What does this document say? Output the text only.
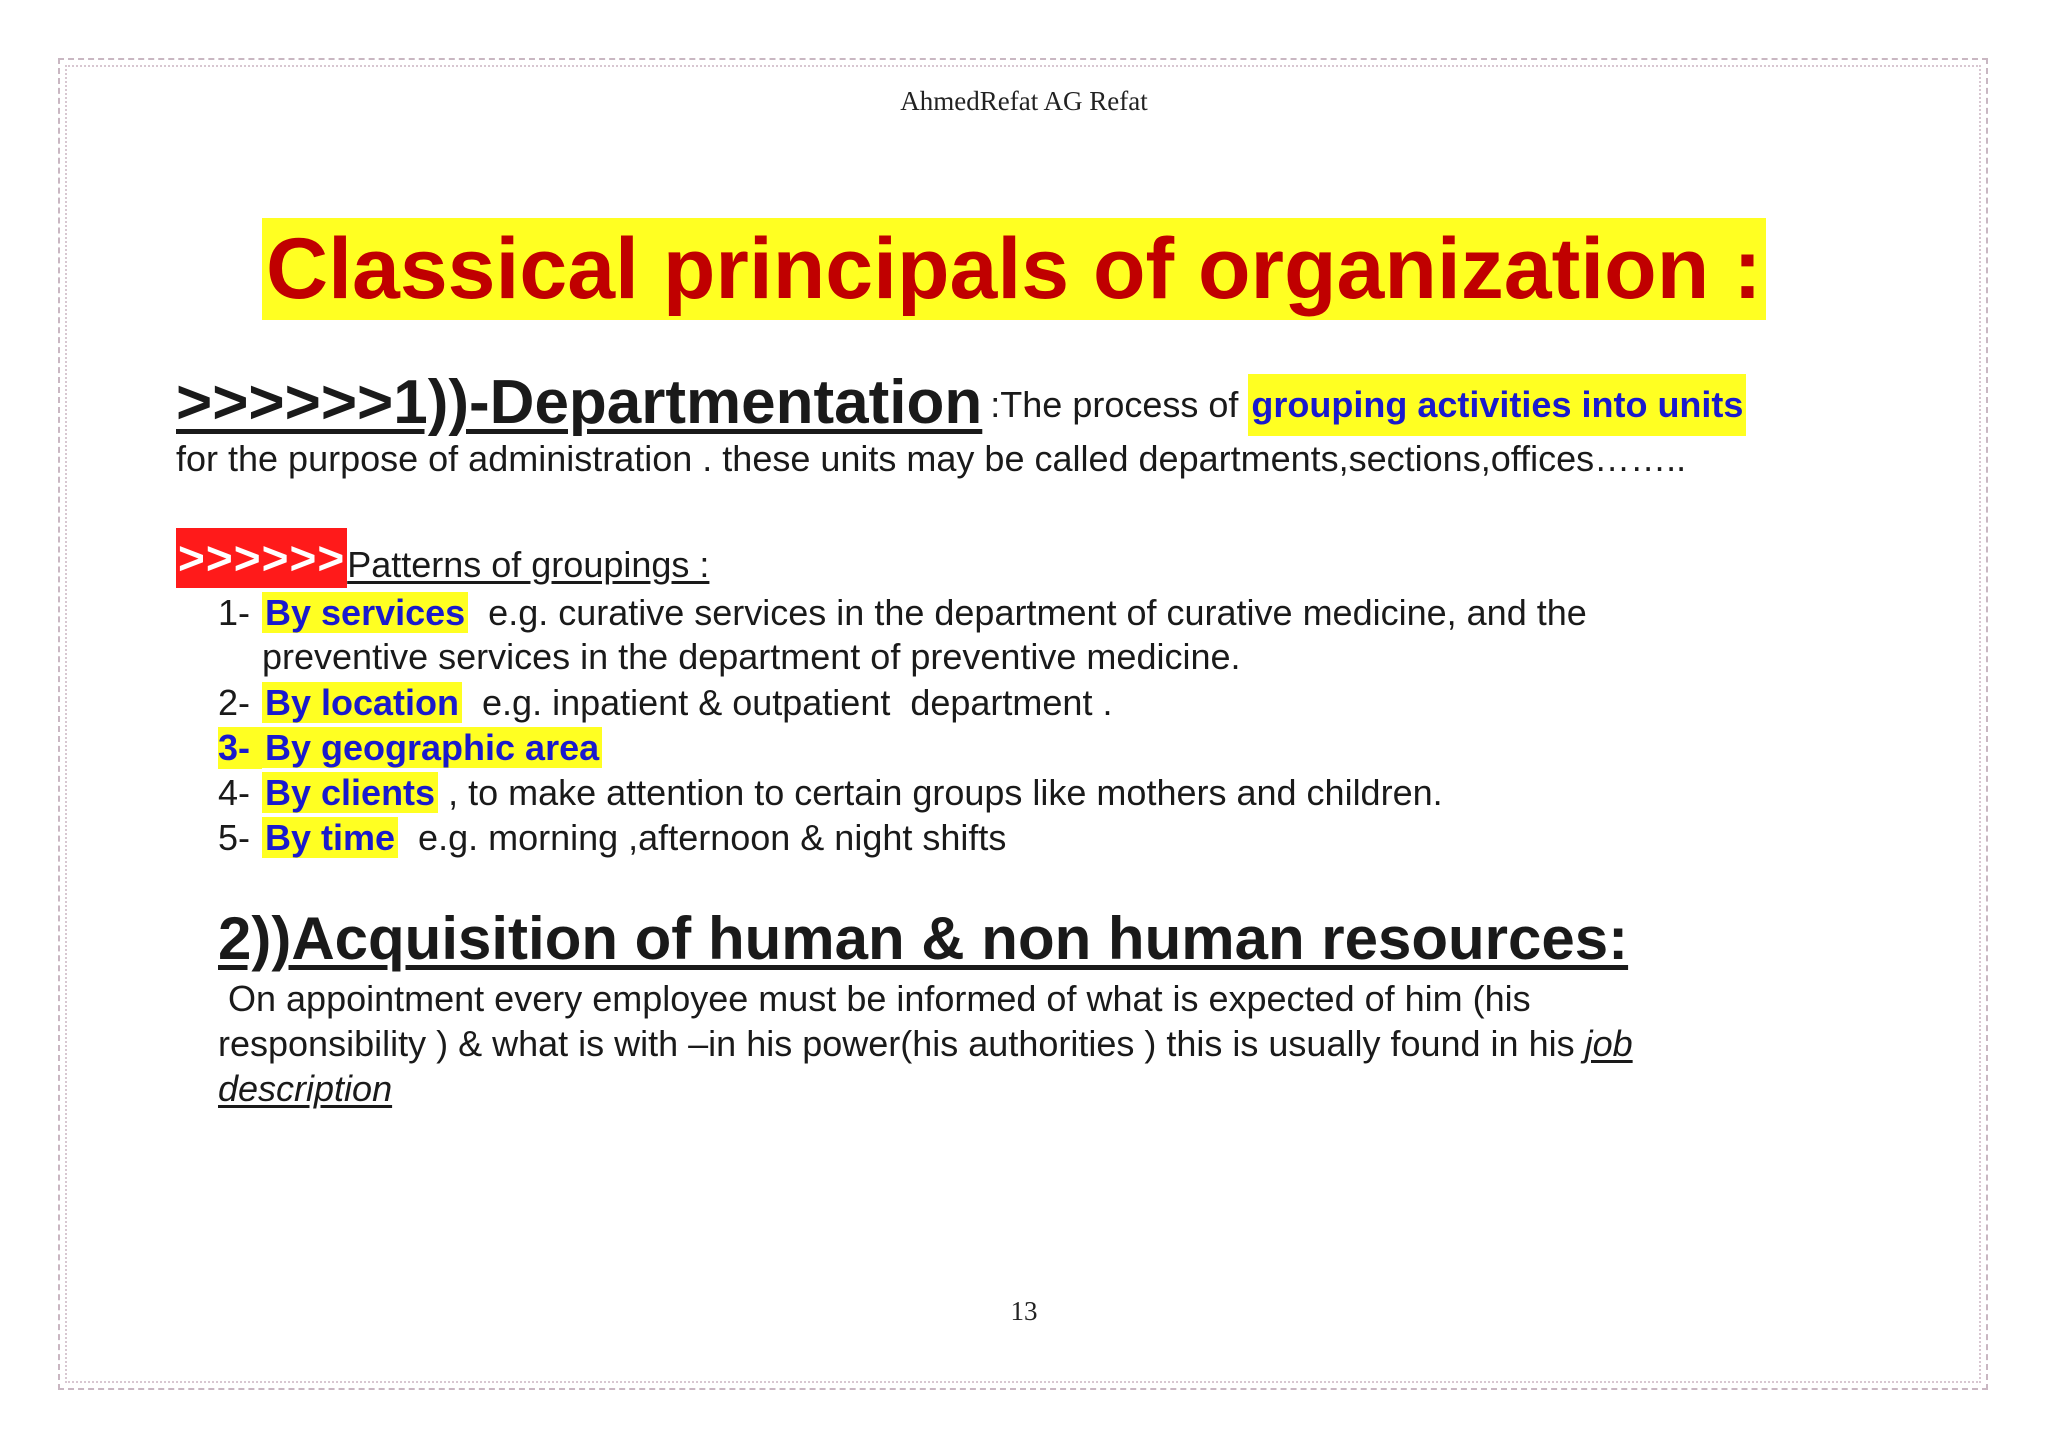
AhmedRefat AG Refat
Classical principals of organization :
>>>>>>1))-Departmentation :The process of grouping activities into units
for the purpose of administration . these units may be called departments,sections,offices……..
>>>>>> Patterns of groupings :
1- By services  e.g. curative services in the department of curative medicine, and the
preventive services in the department of preventive medicine.
2- By location  e.g. inpatient & outpatient  department .
3- By geographic area
4- By clients , to make attention to certain groups like mothers and children.
5- By time  e.g. morning ,afternoon & night shifts
2))Acquisition of human & non human resources:
On appointment every employee must be informed of what is expected of him (his
responsibility ) & what is with –in his power(his authorities ) this is usually found in his job
description
13
